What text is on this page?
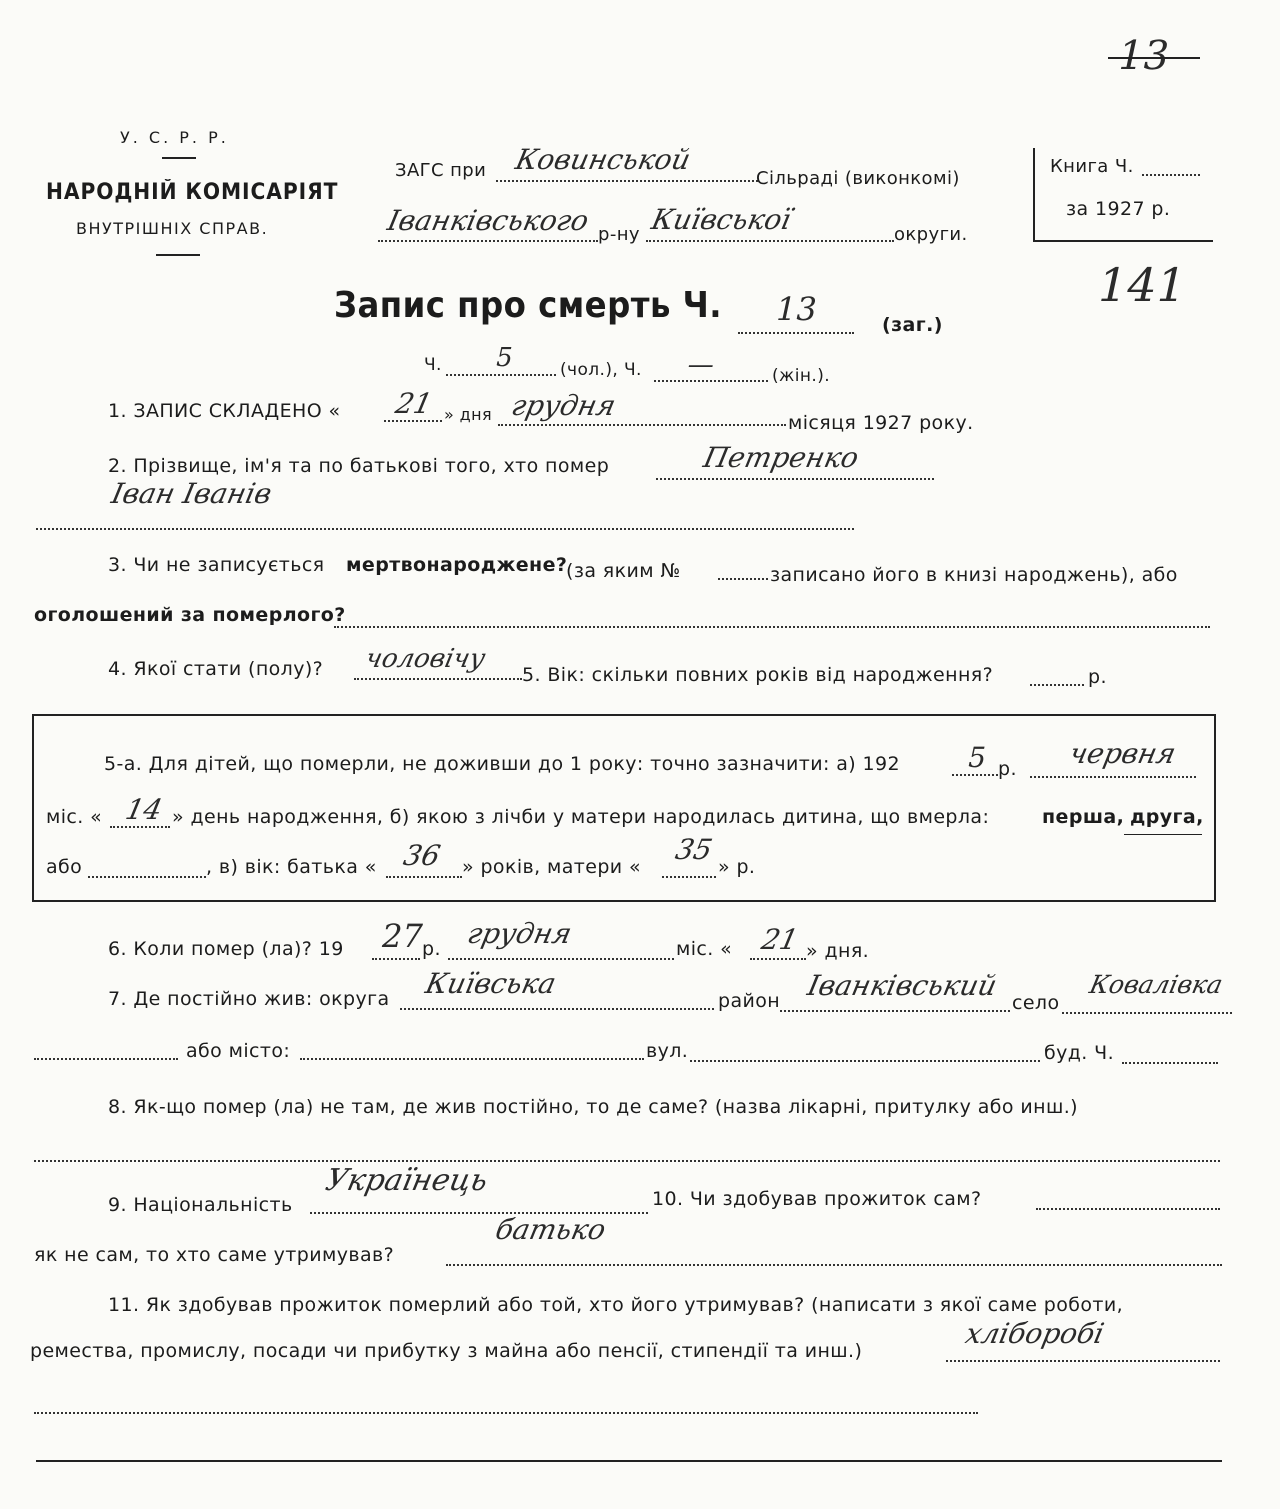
13
141
У. С. Р. Р.
НАРОДНІЙ КОМІСАРІЯТ
ВНУТРІШНІХ СПРАВ.
ЗАГС при Ковинськой
Сільраді (виконкомі)
Іванківського р-ну Київської	округи.
Книга Ч.
за 1927 р.
Запис про смерть Ч. 13	(заг.)
Ч. 5	(чол.), Ч. —	(жін.).
1. ЗАПИС СКЛАДЕНО « 21 » дня грудня
місяця 1927 року.
2. Прізвище, ім'я та по батькові того, хто помер	Петренко
Іван Іванів
3. Чи не записується мертвонароджене?
(за яким №	записано його в книзі народжень), або
оголошений за померлого?
4. Якої стати (полу)? чоловічу
5. Вік: скільки повних років від народження?	р.
5-а. Для дітей, що померли, не доживши до 1 року: точно зазначити: а) 192 5 р. червня
міс. « 14 » день народження, б) якою з лічби у матери народилась дитина, що вмерла:	перша, друга,
або	, в) вік: батька « 36 » років, матери «
35
» р.
6. Коли помер (ла)? 19 27
р. грудня	міс. « 21 » дня.
7. Де постійно жив: округа Київська
район Іванківський
село
Ковалівка
або місто:	вул.	буд. Ч.
8. Як-що помер (ла) не там, де жив постійно, то де саме? (назва лікарні, притулку або инш.)
9. Національність
Українець
10. Чи здобував прожиток сам?
як не сам, то хто саме утримував?
батько
11. Як здобував прожиток померлий або той, хто його утримував? (написати з якої саме роботи,
ремества, промислу, посади чи прибутку з майна або пенсії, стипендії та инш.)
хліборобі
